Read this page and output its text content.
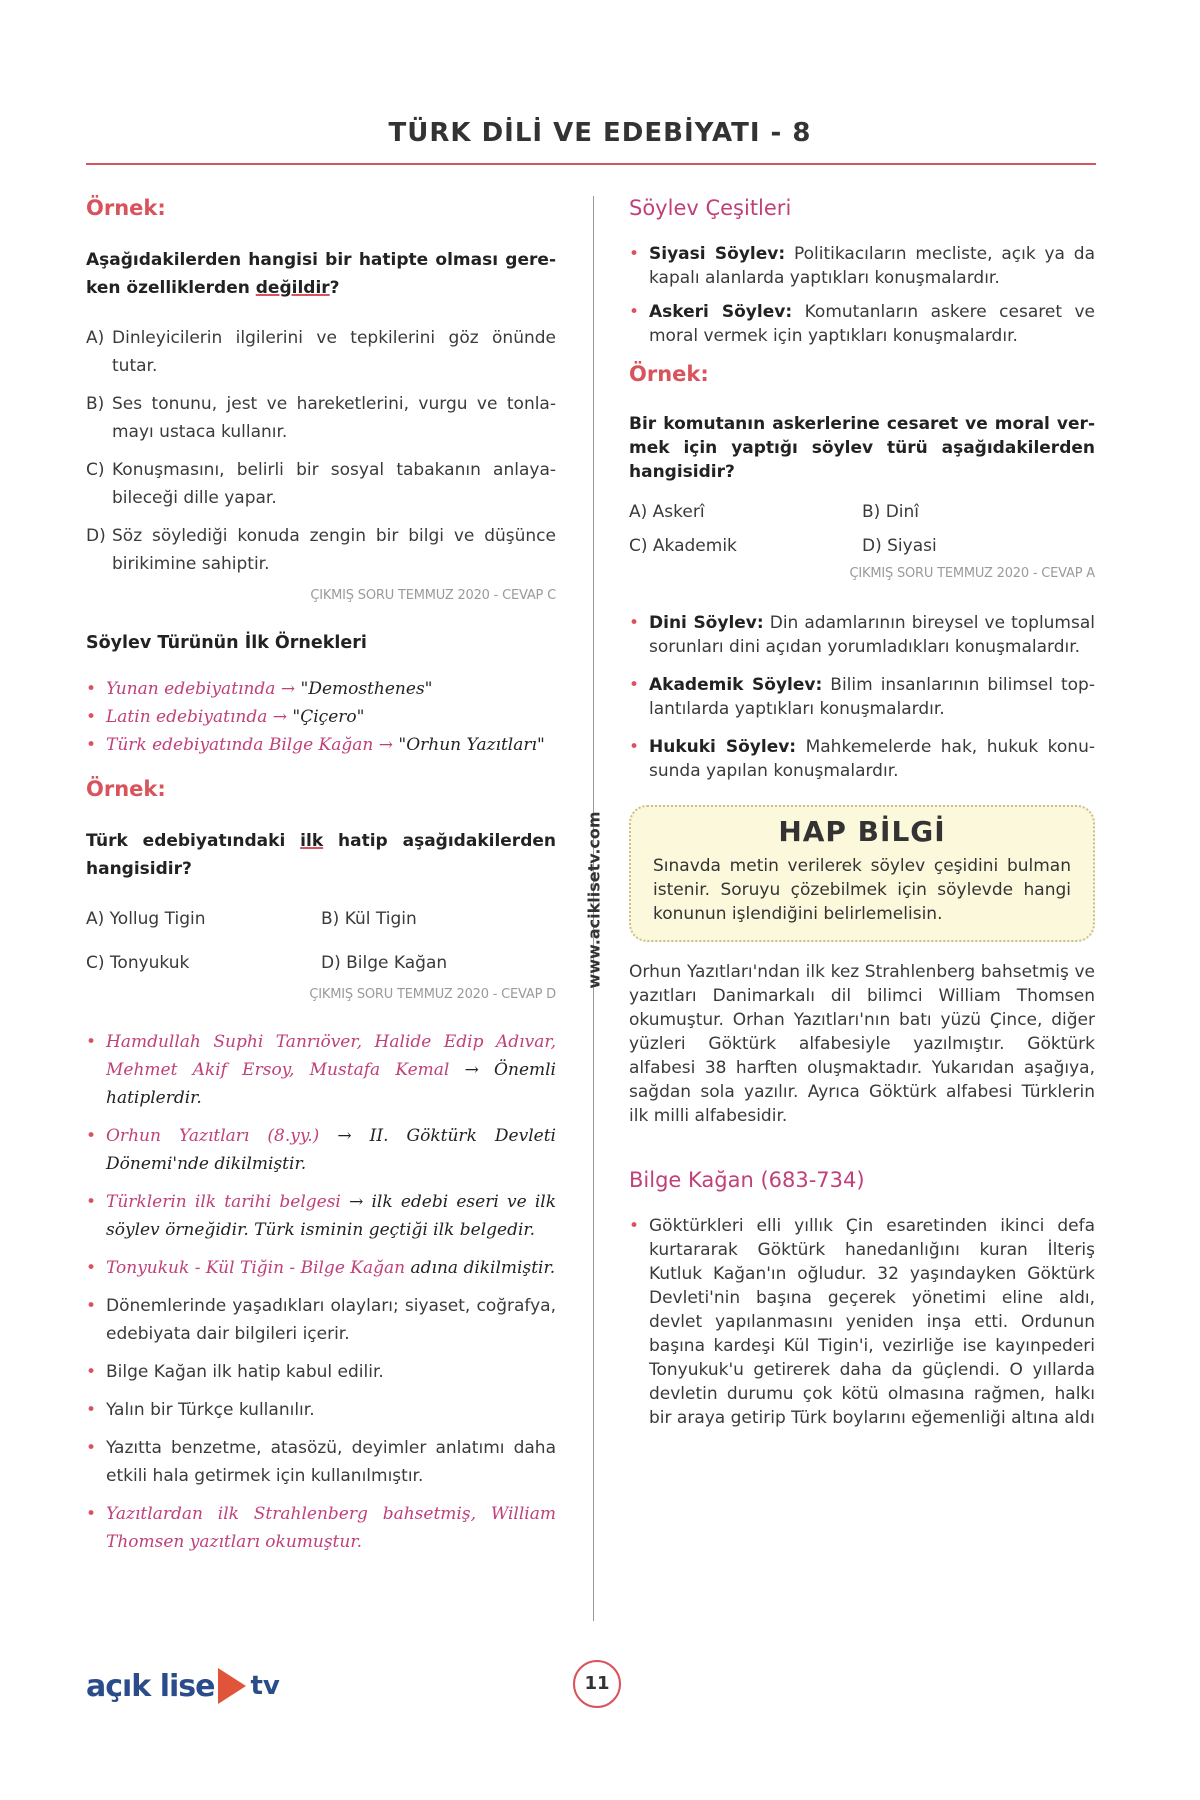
TÜRK DİLİ VE EDEBİYATI - 8
www.aciklisetv.com
Örnek:
Aşağıdakilerden hangisi bir hatipte olması gereken özelliklerden değildir?
A) Dinleyicilerin ilgilerini ve tepkilerini göz önünde tutar.
B) Ses tonunu, jest ve hareketlerini, vurgu ve tonlamayı ustaca kullanır.
C) Konuşmasını, belirli bir sosyal tabakanın anlayabileceği dille yapar.
D) Söz söylediği konuda zengin bir bilgi ve düşünce birikimine sahiptir.
ÇIKMIŞ SORU TEMMUZ 2020 - CEVAP C
Söylev Türünün İlk Örnekleri
• Yunan edebiyatında → "Demosthenes"
• Latin edebiyatında → "Çiçero"
• Türk edebiyatında Bilge Kağan → "Orhun Yazıtları"
Örnek:
Türk edebiyatındaki ilk hatip aşağıdakilerden hangisidir?
A) Yollug Tigin	B) Kül Tigin
C) Tonyukuk	D) Bilge Kağan
ÇIKMIŞ SORU TEMMUZ 2020 - CEVAP D
• Hamdullah Suphi Tanrıöver, Halide Edip Adıvar, Mehmet Akif Ersoy, Mustafa Kemal → Önemli hatiplerdir.
• Orhun Yazıtları (8.yy.) → II. Göktürk Devleti Dönemi'nde dikilmiştir.
• Türklerin ilk tarihi belgesi → ilk edebi eseri ve ilk söylev örneğidir. Türk isminin geçtiği ilk belgedir.
• Tonyukuk - Kül Tiğin - Bilge Kağan adına dikilmiştir.
• Dönemlerinde yaşadıkları olayları; siyaset, coğrafya, edebiyata dair bilgileri içerir.
• Bilge Kağan ilk hatip kabul edilir.
• Yalın bir Türkçe kullanılır.
• Yazıtta benzetme, atasözü, deyimler anlatımı daha etkili hala getirmek için kullanılmıştır.
• Yazıtlardan ilk Strahlenberg bahsetmiş, William Thomsen yazıtları okumuştur.
Söylev Çeşitleri
• Siyasi Söylev: Politikacıların mecliste, açık ya da kapalı alanlarda yaptıkları konuşmalardır.
• Askeri Söylev: Komutanların askere cesaret ve moral vermek için yaptıkları konuşmalardır.
Örnek:
Bir komutanın askerlerine cesaret ve moral vermek için yaptığı söylev türü aşağıdakilerden hangisidir?
A) Askerî	B) Dinî
C) Akademik	D) Siyasi
ÇIKMIŞ SORU TEMMUZ 2020 - CEVAP A
• Dini Söylev: Din adamlarının bireysel ve toplumsal sorunları dini açıdan yorumladıkları konuşmalardır.
• Akademik Söylev: Bilim insanlarının bilimsel toplantılarda yaptıkları konuşmalardır.
• Hukuki Söylev: Mahkemelerde hak, hukuk konusunda yapılan konuşmalardır.
HAP BİLGİ
Sınavda metin verilerek söylev çeşidini bulman istenir. Soruyu çözebilmek için söylevde hangi konunun işlendiğini belirlemelisin.
Orhun Yazıtları'ndan ilk kez Strahlenberg bahsetmiş ve yazıtları Danimarkalı dil bilimci William Thomsen okumuştur. Orhan Yazıtları'nın batı yüzü Çince, diğer yüzleri Göktürk alfabesiyle yazılmıştır. Göktürk alfabesi 38 harften oluşmaktadır. Yukarıdan aşağıya, sağdan sola yazılır. Ayrıca Göktürk alfabesi Türklerin ilk milli alfabesidir.
Bilge Kağan (683-734)
• Göktürkleri elli yıllık Çin esaretinden ikinci defa kurtararak Göktürk hanedanlığını kuran İlteriş Kutluk Kağan'ın oğludur. 32 yaşındayken Göktürk Devleti'nin başına geçerek yönetimi eline aldı, devlet yapılanmasını yeniden inşa etti. Ordunun başına kardeşi Kül Tigin'i, vezirliğe ise kayınpederi Tonyukuk'u getirerek daha da güçlendi. O yıllarda devletin durumu çok kötü olmasına rağmen, halkı bir araya getirip Türk boylarını eğemenliği altına aldı
açık lise tv	11
